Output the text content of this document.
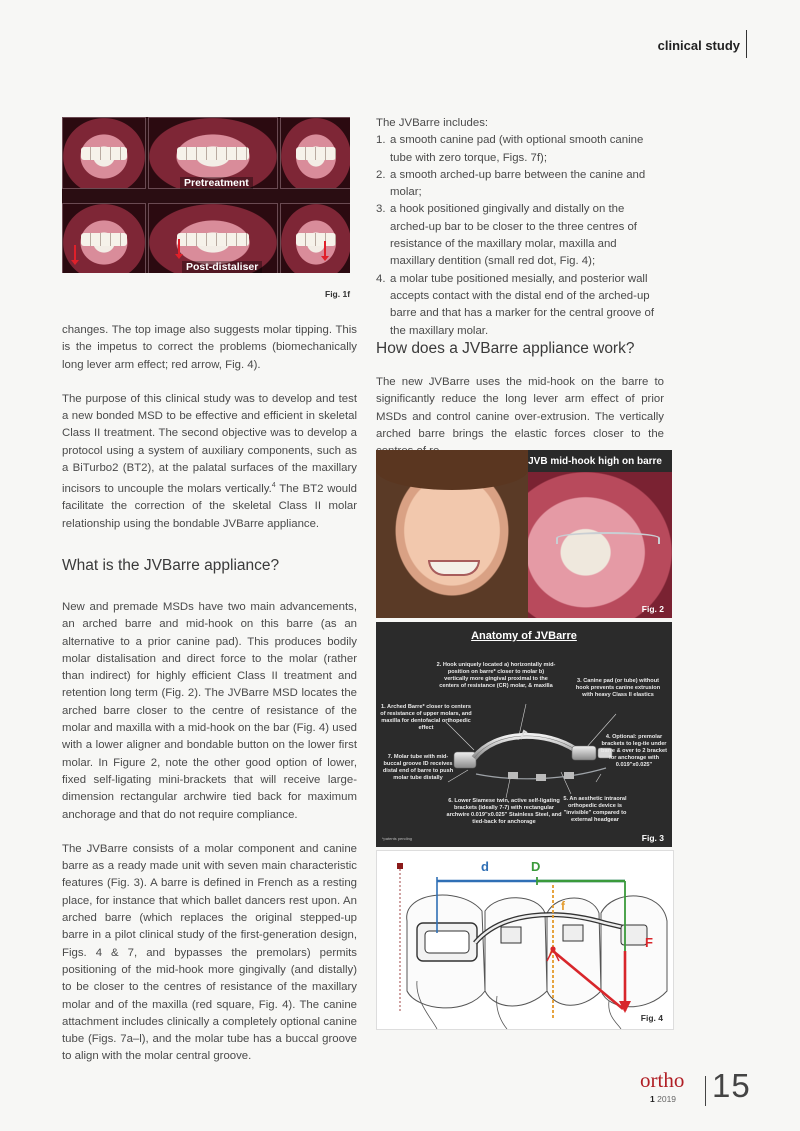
clinical study
Pretreatment
Post-distaliser
Fig. 1f

changes. The top image also suggests molar tipping. This is the impetus to correct the problems (biomechanically long lever arm effect; red arrow, Fig. 4).

The purpose of this clinical study was to develop and test a new bonded MSD to be effective and efficient in skeletal Class II treatment. The second objective was to develop a protocol using a system of auxiliary components, such as a BiTurbo2 (BT2), at the palatal surfaces of the maxillary incisors to uncouple the molars vertically.$^4$ The BT2 would facilitate the correction of the skeletal Class II molar relationship using the bondable JVBarre appliance.

What is the JVBarre appliance?

New and premade MSDs have two main advancements, an arched barre and mid-hook on this barre (as an alternative to a prior canine pad). This produces bodily molar distalisation and direct force to the molar (rather than indirect) for highly efficient Class II treatment and retention long term (Fig. 2). The JVBarre MSD locates the arched barre closer to the centre of resistance of the molar and maxilla with a mid-hook on the bar (Fig. 4) used with a lower aligner and bondable button on the lower first molar. In Figure 2, note the other good option of lower, fixed self-ligating mini-brackets that will receive large-dimension rectangular archwire tied back for maximum anchorage and that do not require compliance.

The JVBarre consists of a molar component and canine barre as a ready made unit with seven main characteristic features (Fig. 3). A barre is defined in French as a resting place, for instance that which ballet dancers rest upon. An arched barre (which replaces the original stepped-up barre in a pilot clinical study of the first-generation design, Figs. 4 & 7, and bypasses the premolars) permits positioning of the mid-hook more gingivally (and distally) to be closer to the centres of resistance of the maxillary molar and of the maxilla (red square, Fig. 4). The canine attachment includes clinically a completely optional canine tube (Figs. 7a–l), and the molar tube has a buccal groove to align with the molar central groove.

The JVBarre includes:

1. a smooth canine pad (with optional smooth canine tube with zero torque, Figs. 7f);
2. a smooth arched-up barre between the canine and molar;
3. a hook positioned gingivally and distally on the arched-up bar to be closer to the three centres of resistance of the maxillary molar, maxilla and maxillary dentition (small red dot, Fig. 4);
4. a molar tube positioned mesially, and posterior wall accepts contact with the distal end of the arched-up barre and that has a marker for the central groove of the maxillary molar.
How does a JVBarre appliance work?

The new JVBarre uses the mid-hook on the barre to significantly reduce the long lever arm effect of prior MSDs and control canine over-extrusion. The vertically arched barre brings the elastic forces closer to the

JVB mid-hook high on barre
Fig. 2
Anatomy of JVBarre
2. Hook uniquely located a) horizontally mid-position on barre* closer to molar b) vertically more gingival proximal to the centers of resistance (CR) molar, & maxilla
3. Canine pad (or tube) without hook prevents canine extrusion with heavy Class II elastics
1. Arched Barre* closer to centers of resistance of upper molars, and maxilla for dentofacial orthopedic effect
4. Optional: premolar brackets to leg-tie under barre & over to 2 bracket for anchorage with 0.019"x0.025"
7. Molar tube with mid-buccal groove ID receives distal end of barre to push molar tube distally
6. Lower Siamese twin, active self-ligating brackets (ideally 7-7) with rectangular archwire 0.019"x0.025" Stainless Steel, and tied-back for anchorage
5. An aesthetic intraoral orthopedic device is "invisible" compared to external headgear
*patents pending	Fig. 3
d	D
f
F
Fig. 4
ortho
1 2019 15
